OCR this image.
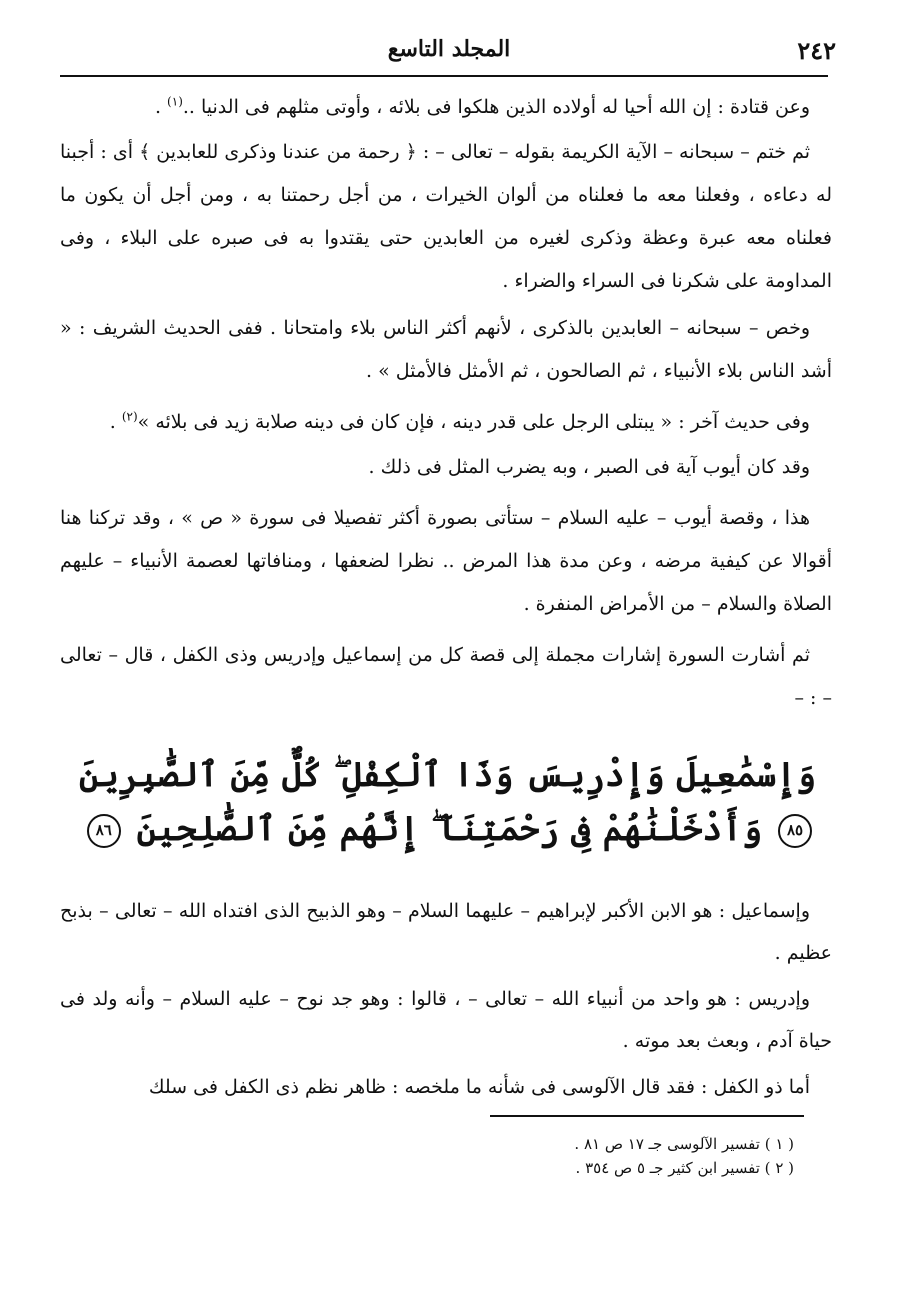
٢٤٢
المجلد التاسع

وعن قتادة : إن الله أحيا له أولاده الذين هلكوا فى بلائه ، وأوتى مثلهم فى الدنيا ..$^{(١)}$ .

ثم ختم – سبحانه – الآية الكريمة بقوله – تعالى – : ﴿ رحمة من عندنا وذكرى للعابدين ﴾ أى : أجبنا له دعاءه ، وفعلنا معه ما فعلناه من ألوان الخيرات ، من أجل رحمتنا به ، ومن أجل أن يكون ما فعلناه معه عبرة وعظة وذكرى لغيره من العابدين حتى يقتدوا به فى صبره على البلاء ، وفى المداومة على شكرنا فى السراء والضراء .

وخص – سبحانه – العابدين بالذكرى ، لأنهم أكثر الناس بلاء وامتحانا . ففى الحديث الشريف : « أشد الناس بلاء الأنبياء ، ثم الصالحون ، ثم الأمثل فالأمثل » .

وفى حديث آخر : « يبتلى الرجل على قدر دينه ، فإن كان فى دينه صلابة زيد فى بلائه »$^{(٢)}$ .

وقد كان أيوب آية فى الصبر ، وبه يضرب المثل فى ذلك .

هذا ، وقصة أيوب – عليه السلام – ستأتى بصورة أكثر تفصيلا فى سورة « ص » ، وقد تركنا هنا أقوالا عن كيفية مرضه ، وعن مدة هذا المرض .. نظرا لضعفها ، ومنافاتها لعصمة الأنبياء – عليهم الصلاة والسلام – من الأمراض المنفرة .

ثم أشارت السورة إشارات مجملة إلى قصة كل من إسماعيل وإدريس وذى الكفل ، قال – تعالى – : –

وَإِسْمَٰعِيلَ وَإِدْرِيسَ وَذَا ٱلْكِفْلِ ۖ كُلٌّ مِّنَ ٱلصَّٰبِرِينَ
٨٥ وَأَدْخَلْنَٰهُمْ فِى رَحْمَتِنَآ ۖ إِنَّهُم مِّنَ ٱلصَّٰلِحِينَ ٨٦

وإسماعيل : هو الابن الأكبر لإبراهيم – عليهما السلام – وهو الذبيح الذى افتداه الله – تعالى – بذبح عظيم .

وإدريس : هو واحد من أنبياء الله – تعالى – ، قالوا : وهو جد نوح – عليه السلام – وأنه ولد فى حياة آدم ، وبعث بعد موته .

أما ذو الكفل : فقد قال الآلوسى فى شأنه ما ملخصه : ظاهر نظم ذى الكفل فى سلك

( ١ ) تفسير الآلوسى جـ ١٧ ص ٨١ .

( ٢ ) تفسير ابن كثير جـ ٥ ص ٣٥٤ .
